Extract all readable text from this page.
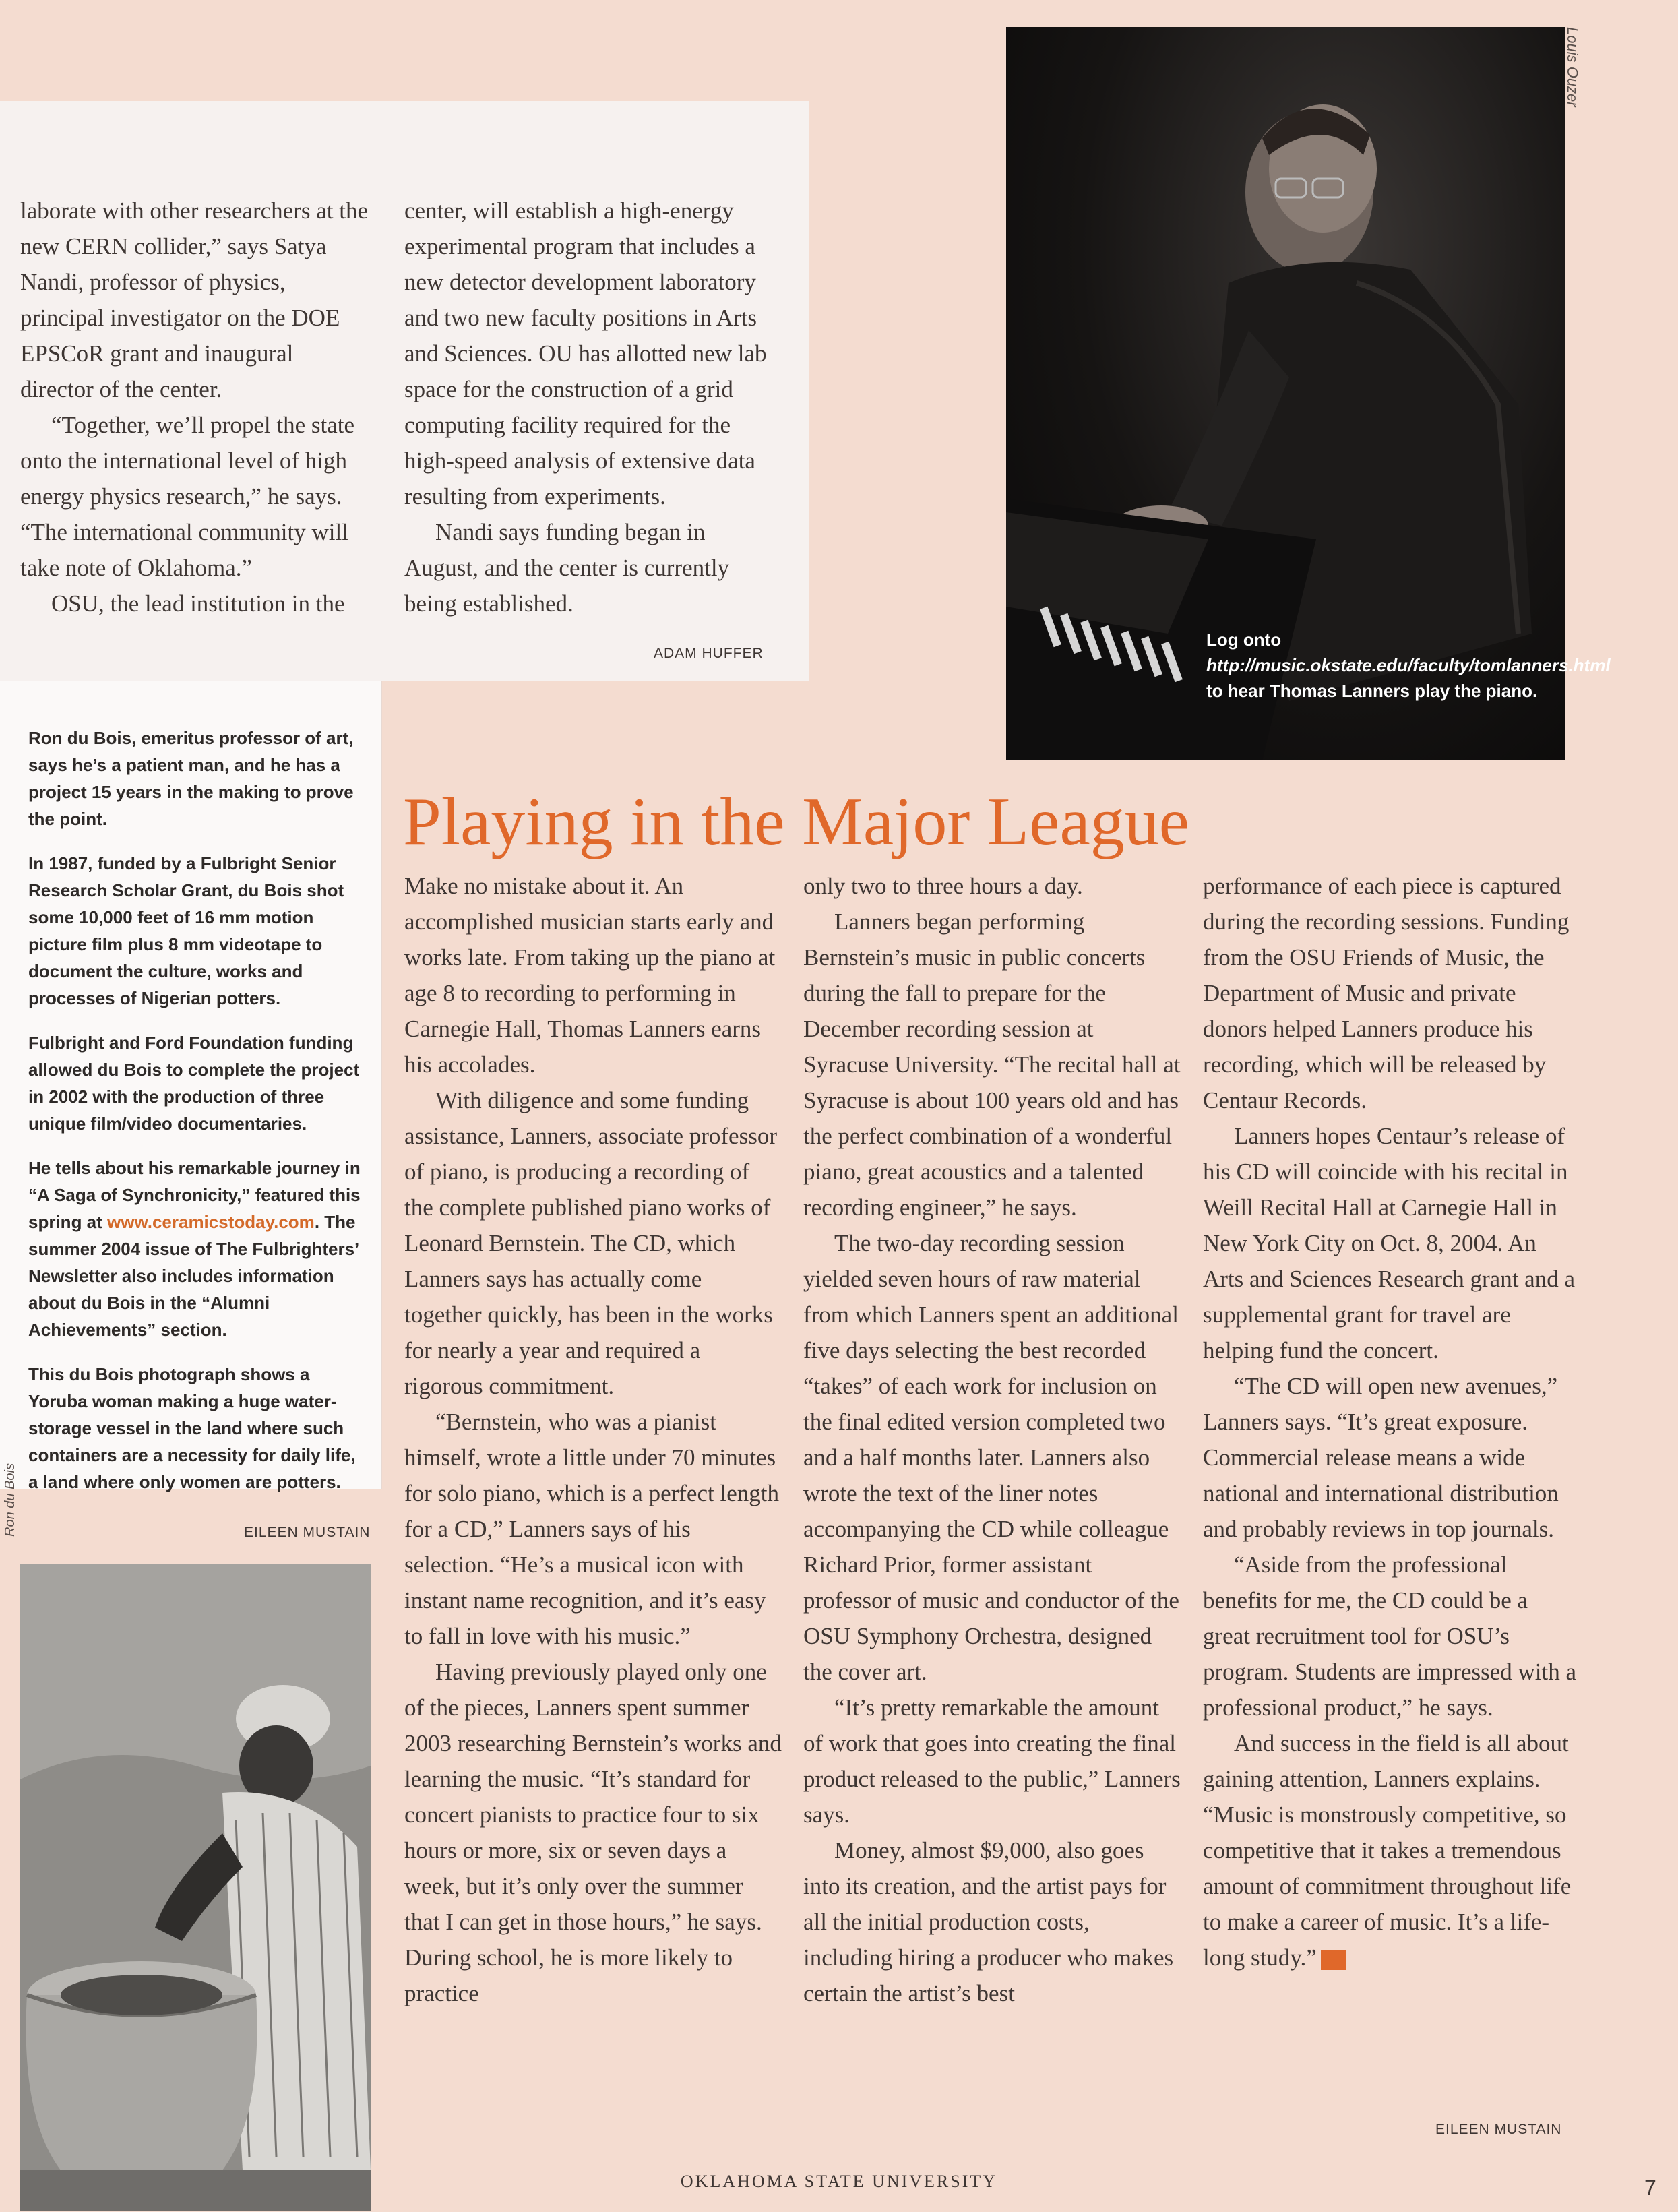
laborate with other researchers at the new CERN collider,” says Satya Nandi, professor of physics, principal investigator on the DOE EPSCoR grant and inaugural director of the center.

“Together, we’ll propel the state onto the international level of high energy physics research,” he says. “The international community will take note of Oklahoma.”

OSU, the lead institution in the

center, will establish a high-energy experimental program that includes a new detector development laboratory and two new faculty positions in Arts and Sciences. OU has allotted new lab space for the construction of a grid computing facility required for the high-speed analysis of extensive data resulting from experiments.

Nandi says funding began in August, and the center is currently being established.

ADAM HUFFER
Louis Ouzer
Log onto http://music.okstate.edu/faculty/tomlanners.html to hear Thomas Lanners play the piano.

Ron du Bois, emeritus professor of art, says he’s a patient man, and he has a project 15 years in the making to prove the point.

In 1987, funded by a Fulbright Senior Research Scholar Grant, du Bois shot some 10,000 feet of 16 mm motion picture film plus 8 mm videotape to document the culture, works and processes of Nigerian potters.

Fulbright and Ford Foundation funding allowed du Bois to complete the project in 2002 with the production of three unique film/video documentaries.

He tells about his remarkable journey in “A Saga of Synchronicity,” featured this spring at www.ceramicstoday.com. The summer 2004 issue of The Fulbrighters’ Newsletter also includes information about du Bois in the “Alumni Achievements” section.

This du Bois photograph shows a Yoruba woman making a huge water-storage vessel in the land where such containers are a necessity for daily life, a land where only women are potters.

EILEEN MUSTAIN
Ron du Bois
Playing in the Major League

Make no mistake about it. An accomplished musician starts early and works late. From taking up the piano at age 8 to recording to performing in Carnegie Hall, Thomas Lanners earns his accolades.

With diligence and some funding assistance, Lanners, associate professor of piano, is producing a recording of the complete published piano works of Leonard Bernstein. The CD, which Lanners says has actually come together quickly, has been in the works for nearly a year and required a rigorous commitment.

“Bernstein, who was a pianist himself, wrote a little under 70 minutes for solo piano, which is a perfect length for a CD,” Lanners says of his selection. “He’s a musical icon with instant name recognition, and it’s easy to fall in love with his music.”

Having previously played only one of the pieces, Lanners spent summer 2003 researching Bernstein’s works and learning the music. “It’s standard for concert pianists to practice four to six hours or more, six or seven days a week, but it’s only over the summer that I can get in those hours,” he says. During school, he is more likely to practice

only two to three hours a day.

Lanners began performing Bernstein’s music in public concerts during the fall to prepare for the December recording session at Syracuse University. “The recital hall at Syracuse is about 100 years old and has the perfect combination of a wonderful piano, great acoustics and a talented recording engineer,” he says.

The two-day recording session yielded seven hours of raw material from which Lanners spent an additional five days selecting the best recorded “takes” of each work for inclusion on the final edited version completed two and a half months later. Lanners also wrote the text of the liner notes accompanying the CD while colleague Richard Prior, former assistant professor of music and conductor of the OSU Symphony Orchestra, designed the cover art.

“It’s pretty remarkable the amount of work that goes into creating the final product released to the public,” Lanners says.

Money, almost $9,000, also goes into its creation, and the artist pays for all the initial production costs, including hiring a producer who makes certain the artist’s best

performance of each piece is captured during the recording sessions. Funding from the OSU Friends of Music, the Department of Music and private donors helped Lanners produce his recording, which will be released by Centaur Records.

Lanners hopes Centaur’s release of his CD will coincide with his recital in Weill Recital Hall at Carnegie Hall in New York City on Oct. 8, 2004. An Arts and Sciences Research grant and a supplemental grant for travel are helping fund the concert.

“The CD will open new avenues,” Lanners says. “It’s great exposure. Commercial release means a wide national and international distribution and probably reviews in top journals.

“Aside from the professional benefits for me, the CD could be a great recruitment tool for OSU’s program. Students are impressed with a professional product,” he says.

And success in the field is all about gaining attention, Lanners explains. “Music is monstrously competitive, so competitive that it takes a tremendous amount of commitment throughout life to make a career of music. It’s a life-long study.”

EILEEN MUSTAIN
OKLAHOMA STATE UNIVERSITY	7
